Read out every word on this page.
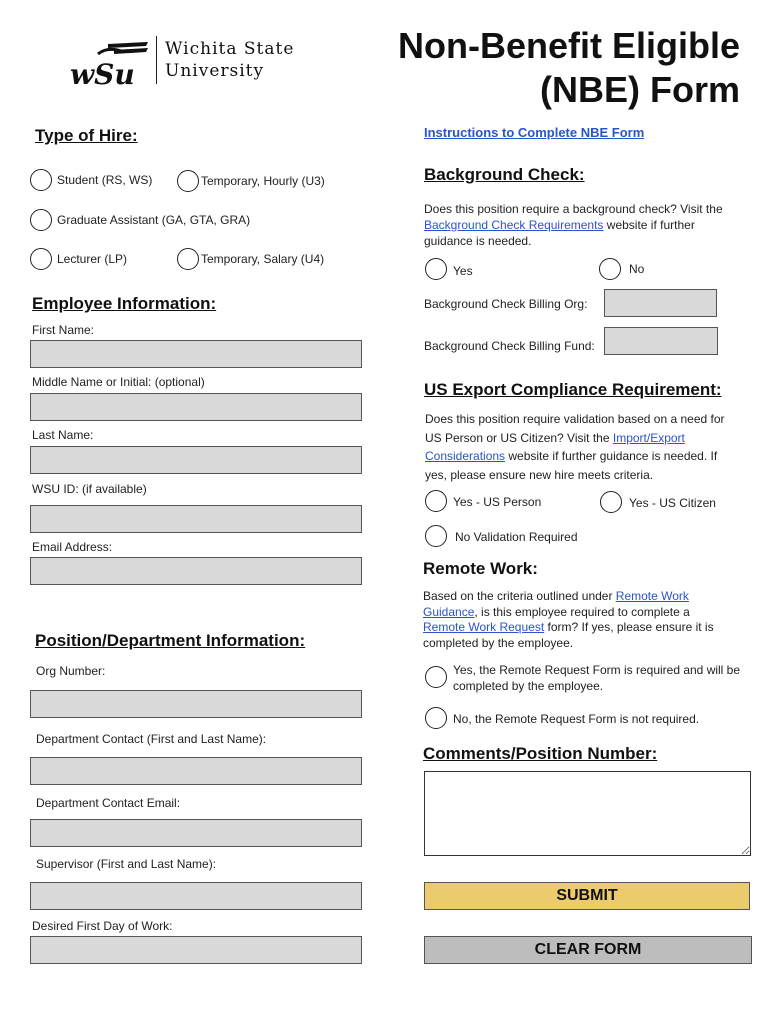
wSu
Wichita State
University
Non-Benefit Eligible
(NBE) Form
Type of Hire:
Student (RS, WS)	Temporary, Hourly (U3)
Graduate Assistant (GA, GTA, GRA)
Lecturer (LP)	Temporary, Salary (U4)
Employee Information:
First Name:
Middle Name or Initial: (optional)
Last Name:
WSU ID: (if available)
Email Address:
Position/Department Information:
Org Number:
Department Contact (First and Last Name):
Department Contact Email:
Supervisor (First and Last Name):
Desired First Day of Work:
Instructions to Complete NBE Form
Background Check:
Does this position require a background check? Visit the Background Check Requirements website if further guidance is needed.
Yes	No
Background Check Billing Org:
Background Check Billing Fund:
US Export Compliance Requirement:
Does this position require validation based on a need for US Person or US Citizen? Visit the Import/Export Considerations website if further guidance is needed. If yes, please ensure new hire meets criteria.
Yes - US Person	Yes - US Citizen
No Validation Required
Remote Work:
Based on the criteria outlined under Remote Work Guidance, is this employee required to complete a Remote Work Request form? If yes, please ensure it is completed by the employee.
Yes, the Remote Request Form is required and will be completed by the employee.
No, the Remote Request Form is not required.
Comments/Position Number:
SUBMIT
CLEAR FORM
